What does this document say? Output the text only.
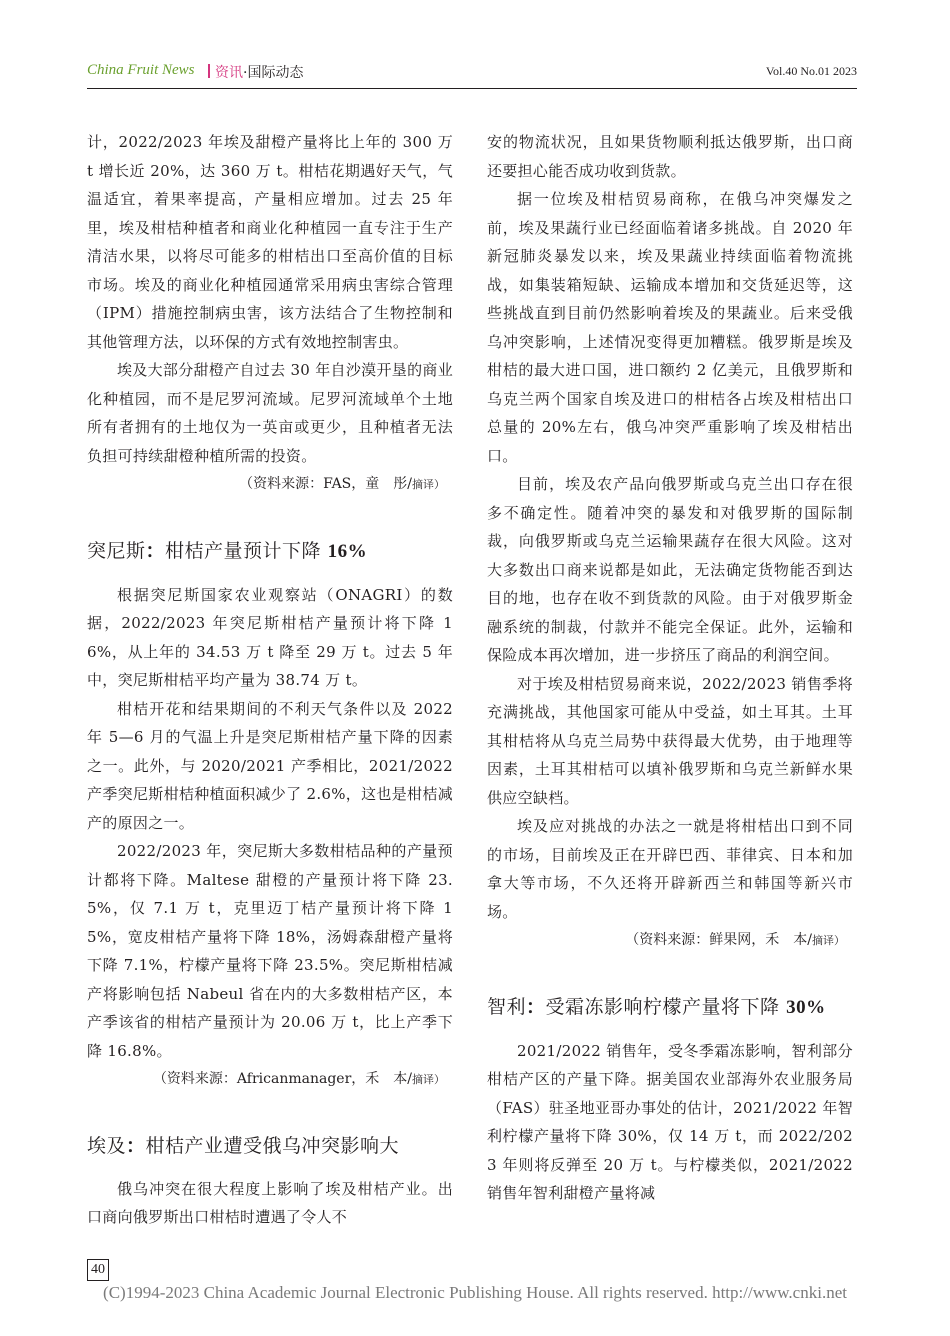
China Fruit News 资讯·国际动态	Vol.40 No.01 2023

计，2022/2023 年埃及甜橙产量将比上年的 300 万 t 增长近 20%，达 360 万 t。柑桔花期遇好天气，气温适宜，着果率提高，产量相应增加。过去 25 年里，埃及柑桔种植者和商业化种植园一直专注于生产清洁水果，以将尽可能多的柑桔出口至高价值的目标市场。埃及的商业化种植园通常采用病虫害综合管理（IPM）措施控制病虫害，该方法结合了生物控制和其他管理方法，以环保的方式有效地控制害虫。

埃及大部分甜橙产自过去 30 年自沙漠开垦的商业化种植园，而不是尼罗河流域。尼罗河流域单个土地所有者拥有的土地仅为一英亩或更少，且种植者无法负担可持续甜橙种植所需的投资。

（资料来源：FAS，童　彤/摘译）
突尼斯：柑桔产量预计下降 16%

根据突尼斯国家农业观察站（ONAGRI）的数据，2022/2023 年突尼斯柑桔产量预计将下降 16%，从上年的 34.53 万 t 降至 29 万 t。过去 5 年中，突尼斯柑桔平均产量为 38.74 万 t。

柑桔开花和结果期间的不利天气条件以及 2022 年 5—6 月的气温上升是突尼斯柑桔产量下降的因素之一。此外，与 2020/2021 产季相比，2021/2022 产季突尼斯柑桔种植面积减少了 2.6%，这也是柑桔减产的原因之一。

2022/2023 年，突尼斯大多数柑桔品种的产量预计都将下降。Maltese 甜橙的产量预计将下降 23.5%，仅 7.1 万 t，克里迈丁桔产量预计将下降 15%，宽皮柑桔产量将下降 18%，汤姆森甜橙产量将下降 7.1%，柠檬产量将下降 23.5%。突尼斯柑桔减产将影响包括 Nabeul 省在内的大多数柑桔产区，本产季该省的柑桔产量预计为 20.06 万 t，比上产季下降 16.8%。

（资料来源：Africanmanager，禾　本/摘译）
埃及：柑桔产业遭受俄乌冲突影响大

俄乌冲突在很大程度上影响了埃及柑桔产业。出口商向俄罗斯出口柑桔时遭遇了令人不

安的物流状况，且如果货物顺利抵达俄罗斯，出口商还要担心能否成功收到货款。

据一位埃及柑桔贸易商称，在俄乌冲突爆发之前，埃及果蔬行业已经面临着诸多挑战。自 2020 年新冠肺炎暴发以来，埃及果蔬业持续面临着物流挑战，如集装箱短缺、运输成本增加和交货延迟等，这些挑战直到目前仍然影响着埃及的果蔬业。后来受俄乌冲突影响，上述情况变得更加糟糕。俄罗斯是埃及柑桔的最大进口国，进口额约 2 亿美元，且俄罗斯和乌克兰两个国家自埃及进口的柑桔各占埃及柑桔出口总量的 20%左右，俄乌冲突严重影响了埃及柑桔出口。

目前，埃及农产品向俄罗斯或乌克兰出口存在很多不确定性。随着冲突的暴发和对俄罗斯的国际制裁，向俄罗斯或乌克兰运输果蔬存在很大风险。这对大多数出口商来说都是如此，无法确定货物能否到达目的地，也存在收不到货款的风险。由于对俄罗斯金融系统的制裁，付款并不能完全保证。此外，运输和保险成本再次增加，进一步挤压了商品的利润空间。

对于埃及柑桔贸易商来说，2022/2023 销售季将充满挑战，其他国家可能从中受益，如土耳其。土耳其柑桔将从乌克兰局势中获得最大优势，由于地理等因素，土耳其柑桔可以填补俄罗斯和乌克兰新鲜水果供应空缺档。

埃及应对挑战的办法之一就是将柑桔出口到不同的市场，目前埃及正在开辟巴西、菲律宾、日本和加拿大等市场，不久还将开辟新西兰和韩国等新兴市场。

（资料来源：鲜果网，禾　本/摘译）
智利：受霜冻影响柠檬产量将下降 30%

2021/2022 销售年，受冬季霜冻影响，智利部分柑桔产区的产量下降。据美国农业部海外农业服务局（FAS）驻圣地亚哥办事处的估计，2021/2022 年智利柠檬产量将下降 30%，仅 14 万 t，而 2022/2023 年则将反弹至 20 万 t。与柠檬类似，2021/2022 销售年智利甜橙产量将减

40
(C)1994-2023 China Academic Journal Electronic Publishing House. All rights reserved. http://www.cnki.net
